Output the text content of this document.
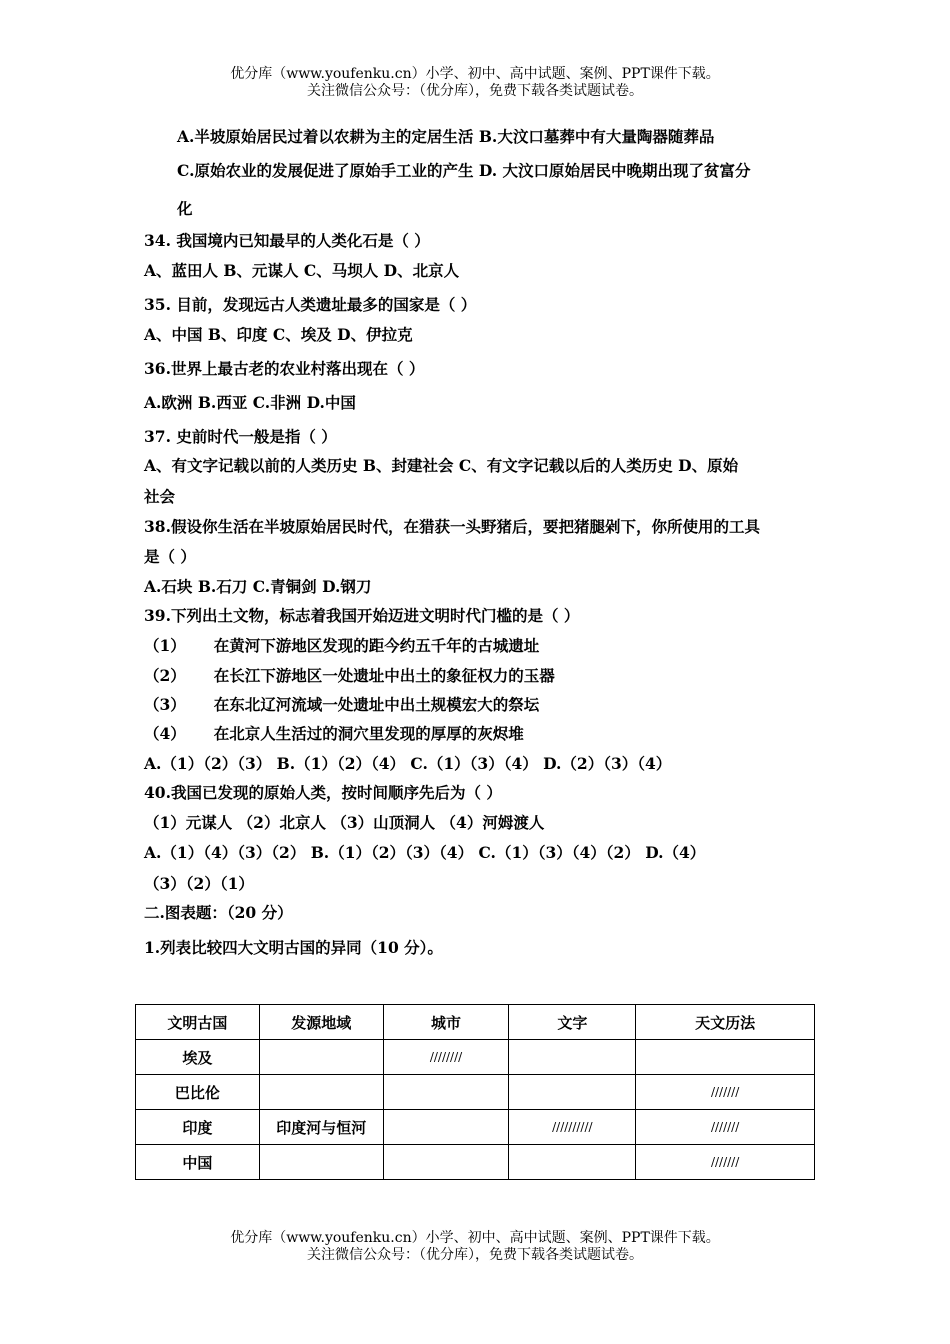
优分库（www.youfenku.cn）小学、初中、高中试题、案例、PPT课件下载。
关注微信公众号：（优分库），免费下载各类试题试卷。
A.半坡原始居民过着以农耕为主的定居生活 B.大汶口墓葬中有大量陶器随葬品
C.原始农业的发展促进了原始手工业的产生 D. 大汶口原始居民中晚期出现了贫富分
化
34. 我国境内已知最早的人类化石是（ ）
A、蓝田人 B、元谋人 C、马坝人 D、北京人
35. 目前，发现远古人类遗址最多的国家是（ ）
A、中国 B、印度 C、埃及 D、伊拉克
36.世界上最古老的农业村落出现在（ ）
A.欧洲 B.西亚 C.非洲 D.中国
37. 史前时代一般是指（ ）
A、有文字记载以前的人类历史 B、封建社会 C、有文字记载以后的人类历史 D、原始
社会
38.假设你生活在半坡原始居民时代，在猎获一头野猪后，要把猪腿剁下，你所使用的工具
是（ ）
A.石块 B.石刀 C.青铜剑 D.钢刀
39.下列出土文物，标志着我国开始迈进文明时代门槛的是（ ）
（1） 在黄河下游地区发现的距今约五千年的古城遗址
（2） 在长江下游地区一处遗址中出土的象征权力的玉器
（3） 在东北辽河流域一处遗址中出土规模宏大的祭坛
（4） 在北京人生活过的洞穴里发现的厚厚的灰烬堆
A.（1）（2）（3） B.（1）（2）（4） C.（1）（3）（4） D.（2）（3）（4）
40.我国已发现的原始人类，按时间顺序先后为（ ）
（1）元谋人 （2）北京人 （3）山顶洞人 （4）河姆渡人
A.（1）（4）（3）（2） B.（1）（2）（3）（4） C.（1）（3）（4）（2） D.（4）
（3）（2）（1）
二.图表题：（20 分）
1.列表比较四大文明古国的异同（10 分）。
文明古国	发源地域	城市	文字	天文历法
埃及		////////		
巴比伦				///////
印度	印度河与恒河		//////////	///////
中国				///////
优分库（www.youfenku.cn）小学、初中、高中试题、案例、PPT课件下载。
关注微信公众号：（优分库），免费下载各类试题试卷。
